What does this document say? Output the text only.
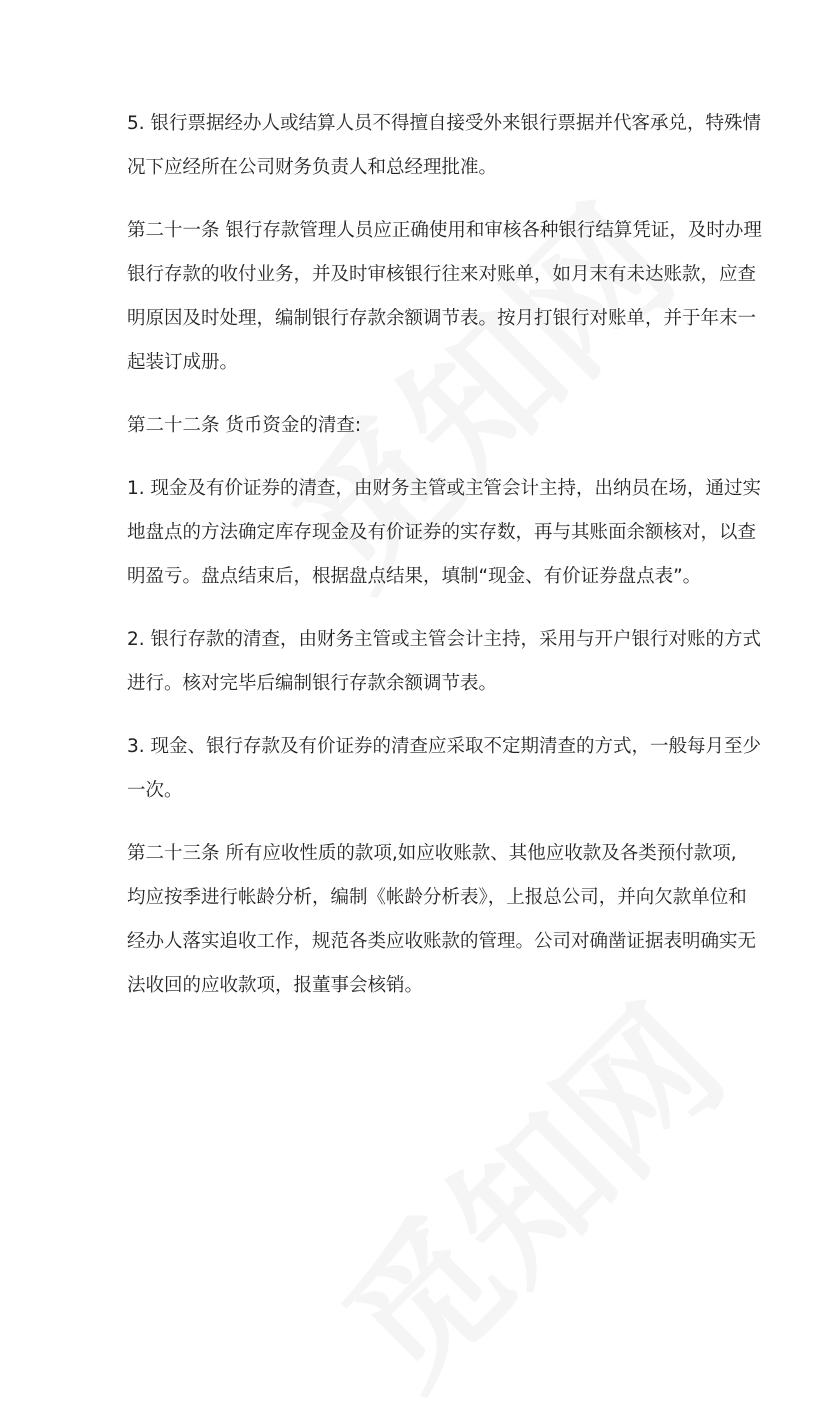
5. 银行票据经办人或结算人员不得擅自接受外来银行票据并代客承兑，特殊情
况下应经所在公司财务负责人和总经理批准。
第二十一条 银行存款管理人员应正确使用和审核各种银行结算凭证，及时办理
银行存款的收付业务，并及时审核银行往来对账单，如月末有未达账款，应查
明原因及时处理，编制银行存款余额调节表。按月打银行对账单，并于年末一
起装订成册。
第二十二条 货币资金的清查:
1. 现金及有价证券的清查，由财务主管或主管会计主持，出纳员在场，通过实
地盘点的方法确定库存现金及有价证券的实存数，再与其账面余额核对，以查
明盈亏。盘点结束后，根据盘点结果，填制“现金、有价证券盘点表”。
2. 银行存款的清查，由财务主管或主管会计主持，采用与开户银行对账的方式
进行。核对完毕后编制银行存款余额调节表。
3. 现金、银行存款及有价证券的清查应采取不定期清查的方式，一般每月至少
一次。
第二十三条 所有应收性质的款项,如应收账款、其他应收款及各类预付款项,
均应按季进行帐龄分析，编制《帐龄分析表》，上报总公司，并向欠款单位和
经办人落实追收工作，规范各类应收账款的管理。公司对确凿证据表明确实无
法收回的应收款项，报董事会核销。
